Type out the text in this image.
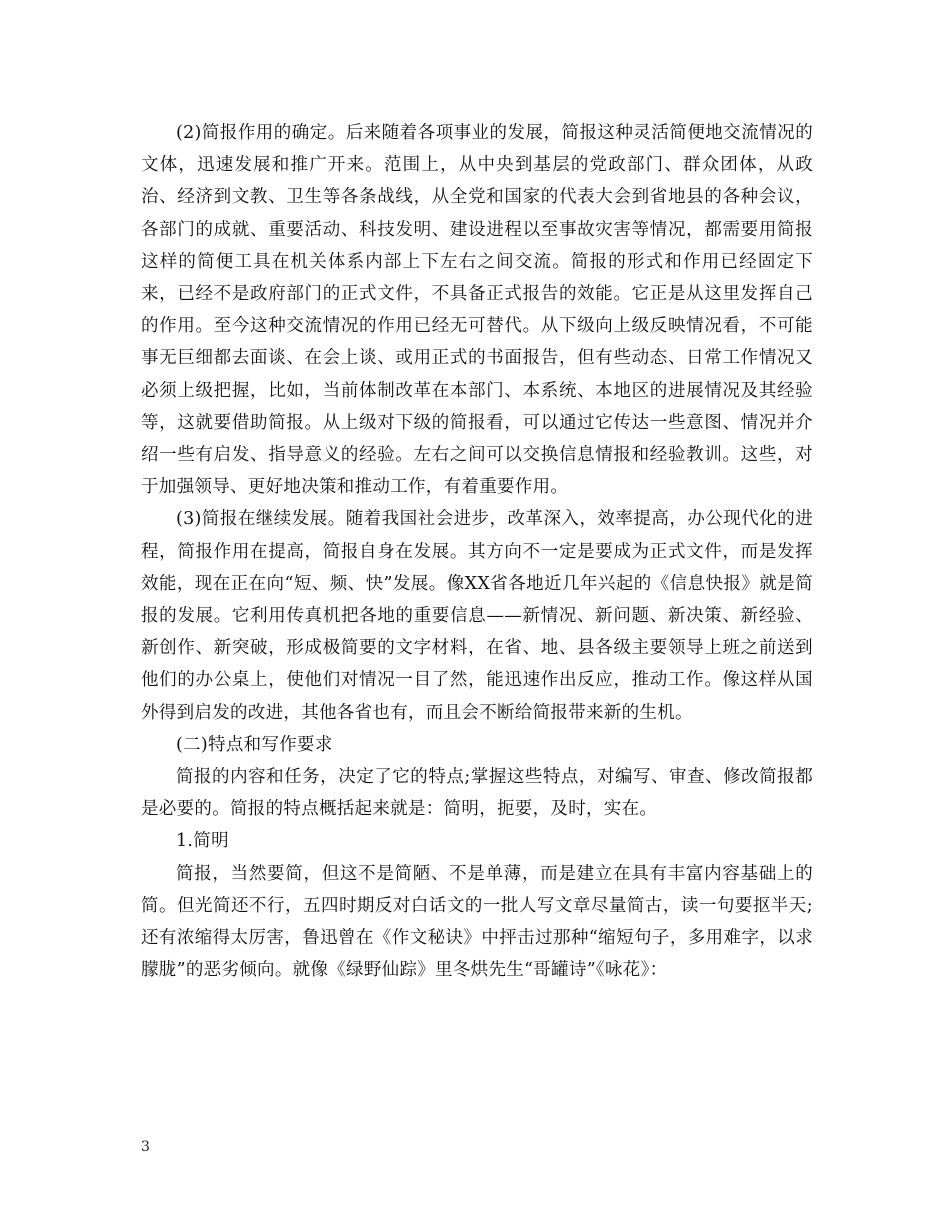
(2)简报作用的确定。后来随着各项事业的发展，简报这种灵活简便地交流情况的文体，迅速发展和推广开来。范围上，从中央到基层的党政部门、群众团体，从政治、经济到文教、卫生等各条战线，从全党和国家的代表大会到省地县的各种会议，各部门的成就、重要活动、科技发明、建设进程以至事故灾害等情况，都需要用简报这样的简便工具在机关体系内部上下左右之间交流。简报的形式和作用已经固定下来，已经不是政府部门的正式文件，不具备正式报告的效能。它正是从这里发挥自己的作用。至今这种交流情况的作用已经无可替代。从下级向上级反映情况看，不可能事无巨细都去面谈、在会上谈、或用正式的书面报告，但有些动态、日常工作情况又必须上级把握，比如，当前体制改革在本部门、本系统、本地区的进展情况及其经验等，这就要借助简报。从上级对下级的简报看，可以通过它传达一些意图、情况并介绍一些有启发、指导意义的经验。左右之间可以交换信息情报和经验教训。这些，对于加强领导、更好地决策和推动工作，有着重要作用。

(3)简报在继续发展。随着我国社会进步，改革深入，效率提高，办公现代化的进程，简报作用在提高，简报自身在发展。其方向不一定是要成为正式文件，而是发挥效能，现在正在向“短、频、快”发展。像XX省各地近几年兴起的《信息快报》就是简报的发展。它利用传真机把各地的重要信息——新情况、新问题、新决策、新经验、新创作、新突破，形成极简要的文字材料，在省、地、县各级主要领导上班之前送到他们的办公桌上，使他们对情况一目了然，能迅速作出反应，推动工作。像这样从国外得到启发的改进，其他各省也有，而且会不断给简报带来新的生机。

(二)特点和写作要求

简报的内容和任务，决定了它的特点;掌握这些特点，对编写、审查、修改简报都是必要的。简报的特点概括起来就是：简明，扼要，及时，实在。

1.简明

简报，当然要简，但这不是简陋、不是单薄，而是建立在具有丰富内容基础上的简。但光简还不行，五四时期反对白话文的一批人写文章尽量简古，读一句要抠半天;还有浓缩得太厉害，鲁迅曾在《作文秘诀》中抨击过那种“缩短句子，多用难字，以求朦胧”的恶劣倾向。就像《绿野仙踪》里冬烘先生“哥罐诗”《咏花》：

3
